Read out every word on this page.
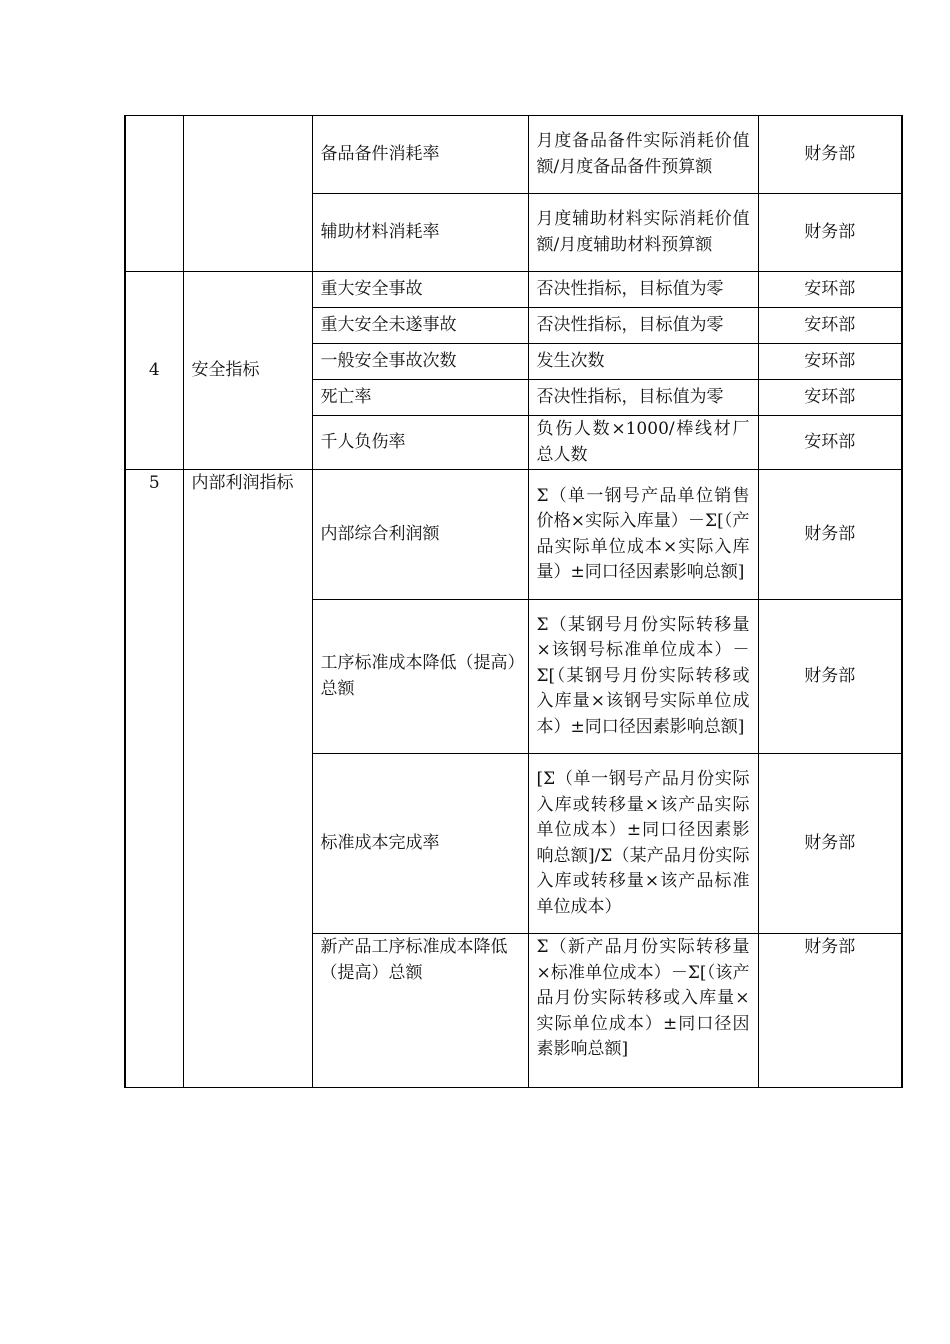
		备品备件消耗率	月度备品备件实际消耗价值额/月度备品备件预算额	财务部
		辅助材料消耗率	月度辅助材料实际消耗价值额/月度辅助材料预算额	财务部
4	安全指标	重大安全事故	否决性指标，目标值为零	安环部
		重大安全未遂事故	否决性指标，目标值为零	安环部
		一般安全事故次数	发生次数	安环部
		死亡率	否决性指标，目标值为零	安环部
		千人负伤率	负伤人数×1000/棒线材厂总人数	安环部
5	内部利润指标	内部综合利润额	Σ（单一钢号产品单位销售价格×实际入库量）－Σ[（产品实际单位成本×实际入库量）±同口径因素影响总额]	财务部
		工序标准成本降低（提高）总额	Σ（某钢号月份实际转移量×该钢号标准单位成本）－Σ[（某钢号月份实际转移或入库量×该钢号实际单位成本）±同口径因素影响总额]	财务部
		标准成本完成率	[Σ（单一钢号产品月份实际入库或转移量×该产品实际单位成本）±同口径因素影响总额]/Σ（某产品月份实际入库或转移量×该产品标准单位成本）	财务部
		新产品工序标准成本降低（提高）总额	Σ（新产品月份实际转移量×标准单位成本）－Σ[（该产品月份实际转移或入库量×实际单位成本）±同口径因素影响总额]	财务部
